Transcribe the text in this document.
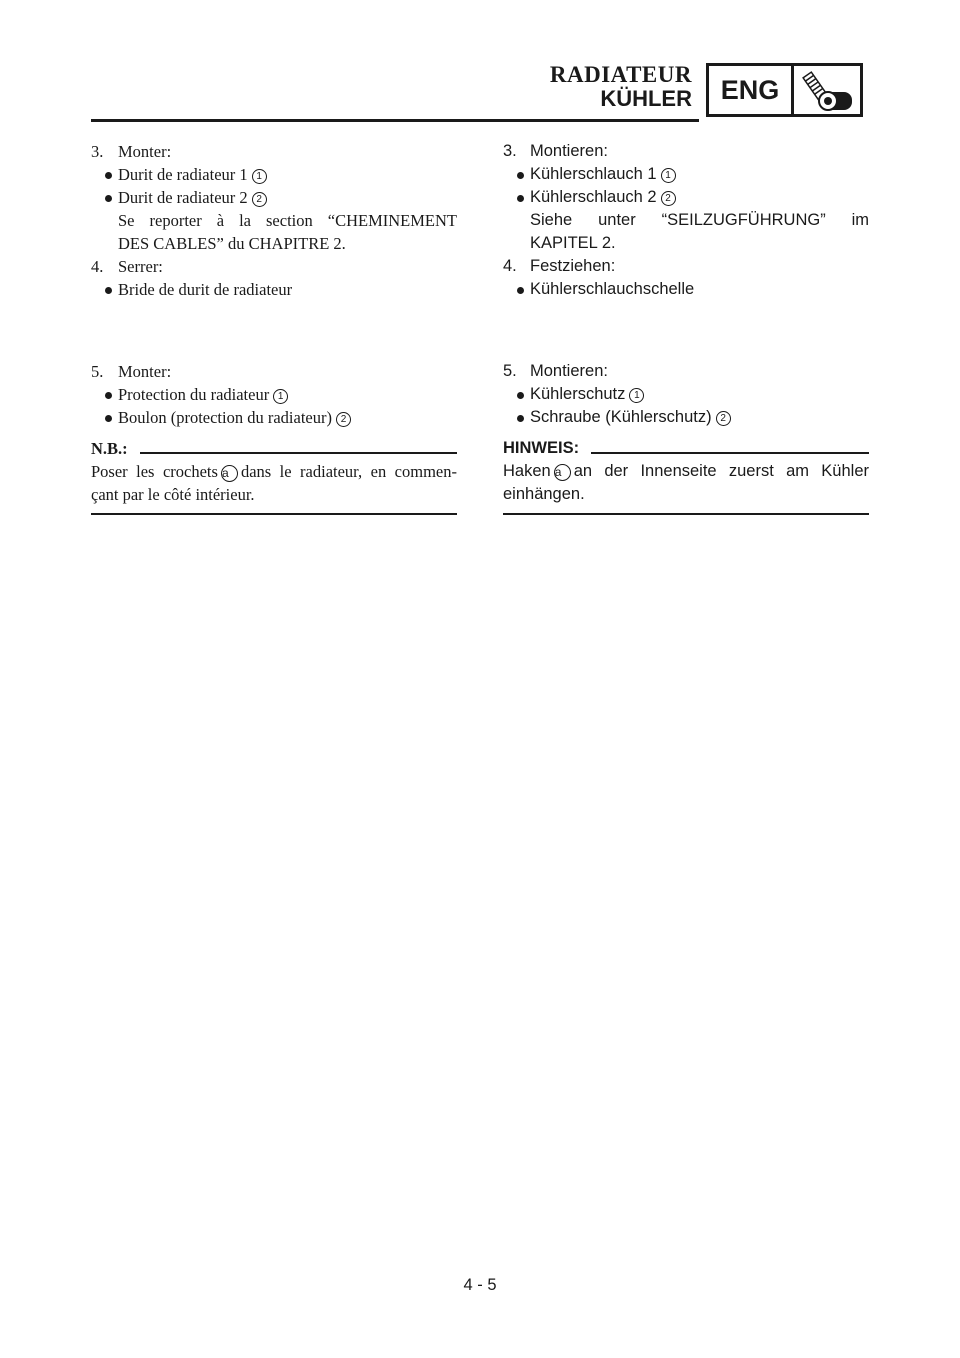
RADIATEUR
KÜHLER	ENG
3. Monter:
Durit de radiateur 1 1
Durit de radiateur 2 2
Se reporter à la section “CHEMINEMENT
DES CABLES” du CHAPITRE 2.
4. Serrer:
Bride de durit de radiateur
5. Monter:
Protection du radiateur 1
Boulon (protection du radiateur) 2
N.B.:
Poser les crochets a dans le radiateur, en commen-
çant par le côté intérieur.
3. Montieren:
Kühlerschlauch 1 1
Kühlerschlauch 2 2
Siehe unter “SEILZUGFÜHRUNG” im
KAPITEL 2.
4. Festziehen:
Kühlerschlauchschelle
5. Montieren:
Kühlerschutz 1
Schraube (Kühlerschutz) 2
HINWEIS:
Haken a an der Innenseite zuerst am Kühler
einhängen.
4 - 5
